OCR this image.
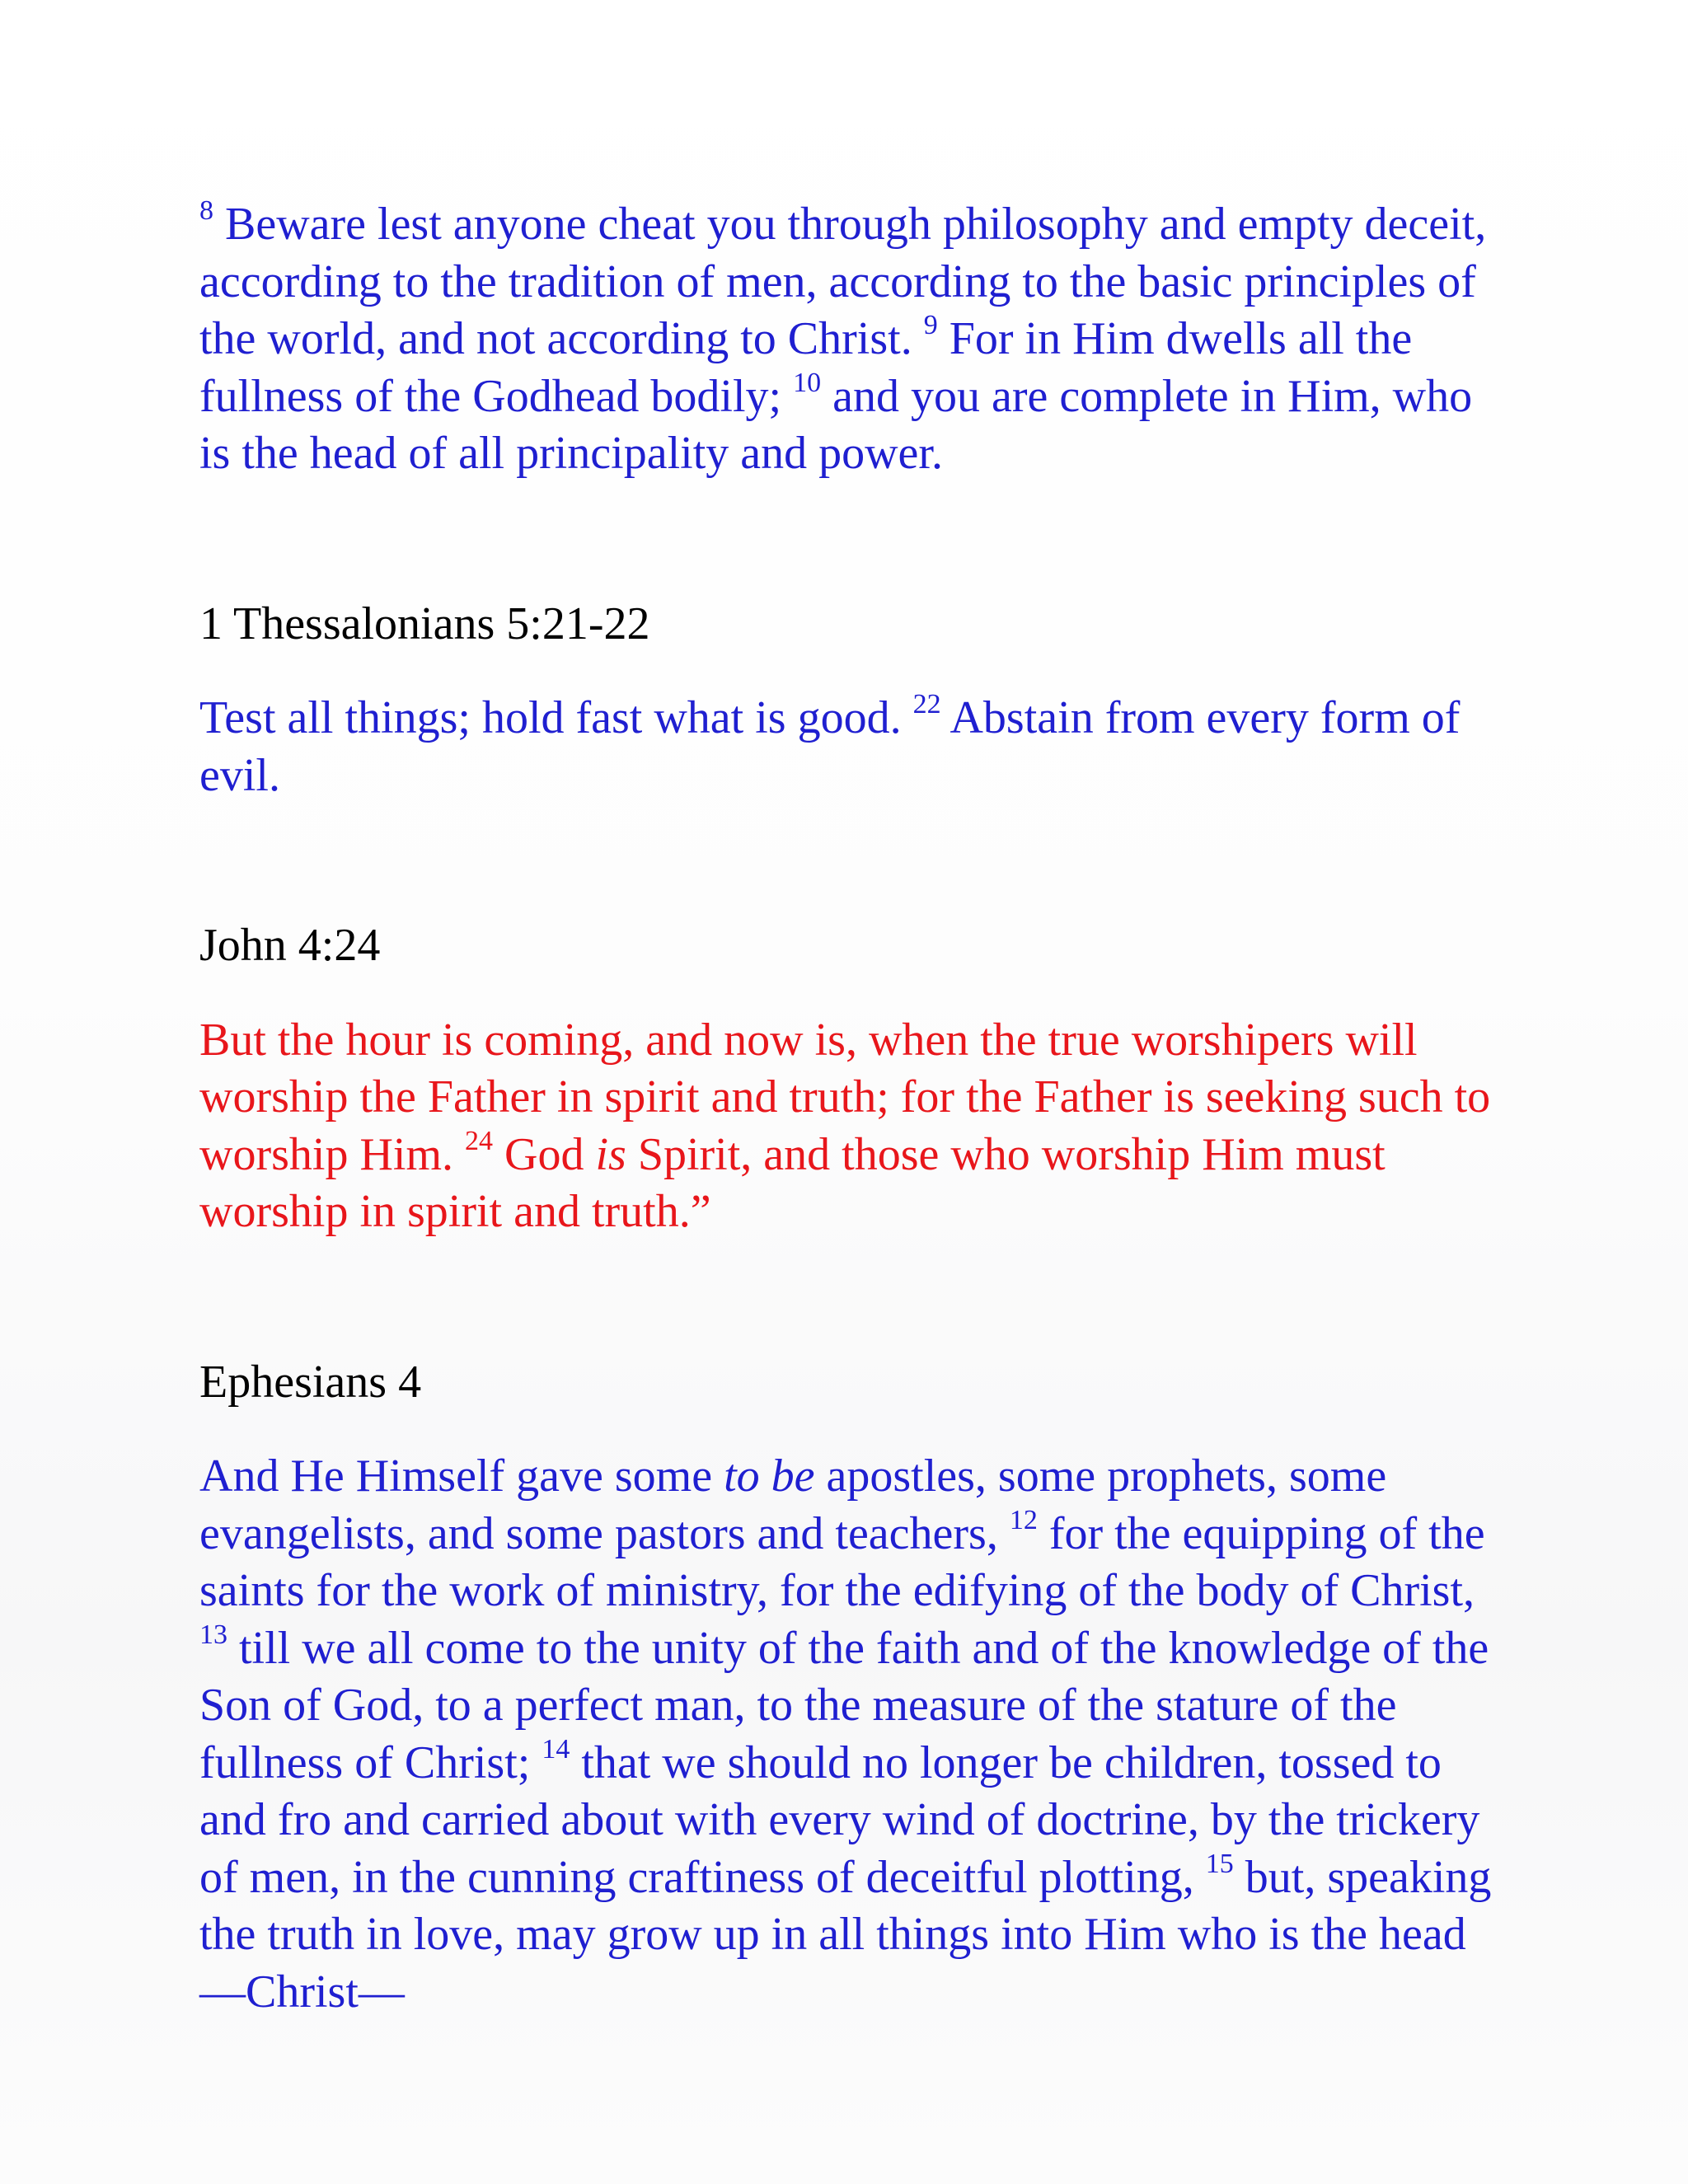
$^8$ Beware lest anyone cheat you through philosophy and empty deceit, according to the tradition of men, according to the basic principles of the world, and not according to Christ. $^9$ For in Him dwells all the fullness of the Godhead bodily; $^{10}$ and you are complete in Him, who is the head of all principality and power.

1 Thessalonians 5:21-22

Test all things; hold fast what is good. $^{22}$ Abstain from every form of evil.

John 4:24

But the hour is coming, and now is, when the true worshipers will worship the Father in spirit and truth; for the Father is seeking such to worship Him. $^{24}$ God is Spirit, and those who worship Him must worship in spirit and truth.”

Ephesians 4

And He Himself gave some to be apostles, some prophets, some evangelists, and some pastors and teachers, $^{12}$ for the equipping of the saints for the work of ministry, for the edifying of the body of Christ, $^{13}$ till we all come to the unity of the faith and of the knowledge of the Son of God, to a perfect man, to the measure of the stature of the fullness of Christ; $^{14}$ that we should no longer be children, tossed to and fro and carried about with every wind of doctrine, by the trickery of men, in the cunning craftiness of deceitful plotting, $^{15}$ but, speaking the truth in love, may grow up in all things into Him who is the head—Christ—
